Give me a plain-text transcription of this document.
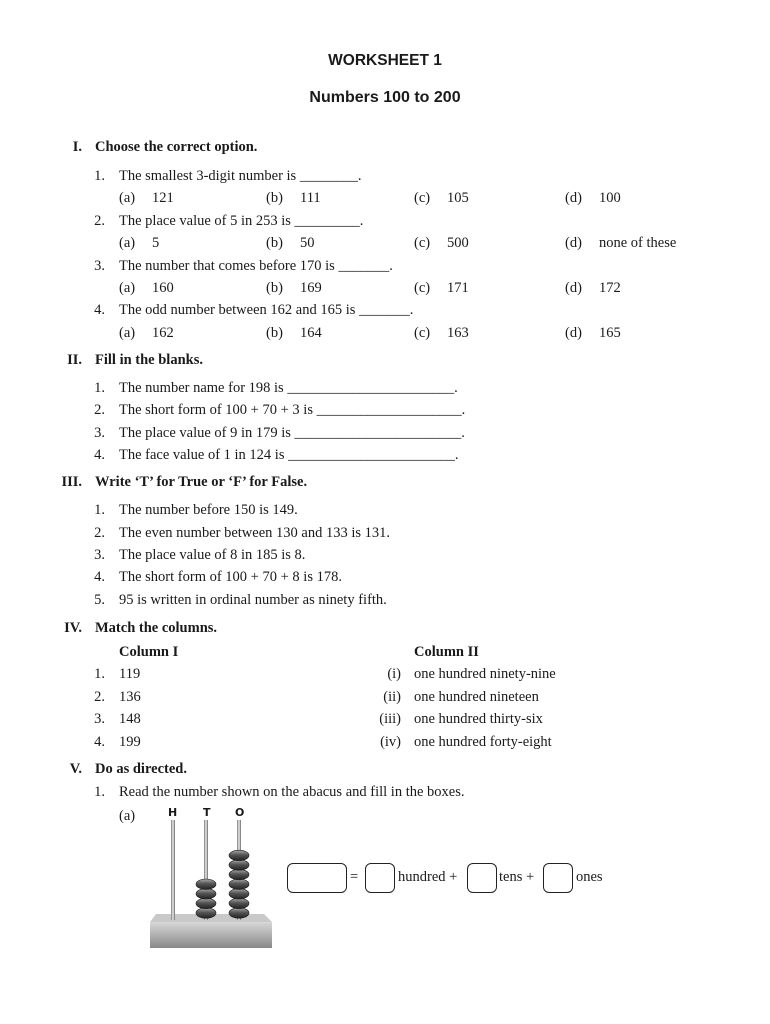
WORKSHEET 1
Numbers 100 to 200
I. Choose the correct option.
1. The smallest 3-digit number is ________.
(a) 121	(b) 111	(c) 105	(d) 100
2. The place value of 5 in 253 is _________.
(a) 5	(b) 50	(c) 500	(d) none of these
3. The number that comes before 170 is _______.
(a) 160	(b) 169	(c) 171	(d) 172
4. The odd number between 162 and 165 is _______.
(a) 162	(b) 164	(c) 163	(d) 165
II. Fill in the blanks.
1. The number name for 198 is _______________________.
2. The short form of 100 + 70 + 3 is ____________________.
3. The place value of 9 in 179 is _______________________.
4. The face value of 1 in 124 is _______________________.
III. Write ‘T’ for True or ‘F’ for False.
1. The number before 150 is 149.
2. The even number between 130 and 133 is 131.
3. The place value of 8 in 185 is 8.
4. The short form of 100 + 70 + 8 is 178.
5. 95 is written in ordinal number as ninety fifth.
IV. Match the columns.
Column I	Column II
1. 119	(i) one hundred ninety-nine
2. 136	(ii) one hundred nineteen
3. 148	(iii) one hundred thirty-six
4. 199	(iv) one hundred forty-eight
V. Do as directed.
1. Read the number shown on the abacus and fill in the boxes.
(a)	H T O
=	hundred +	tens +	ones
